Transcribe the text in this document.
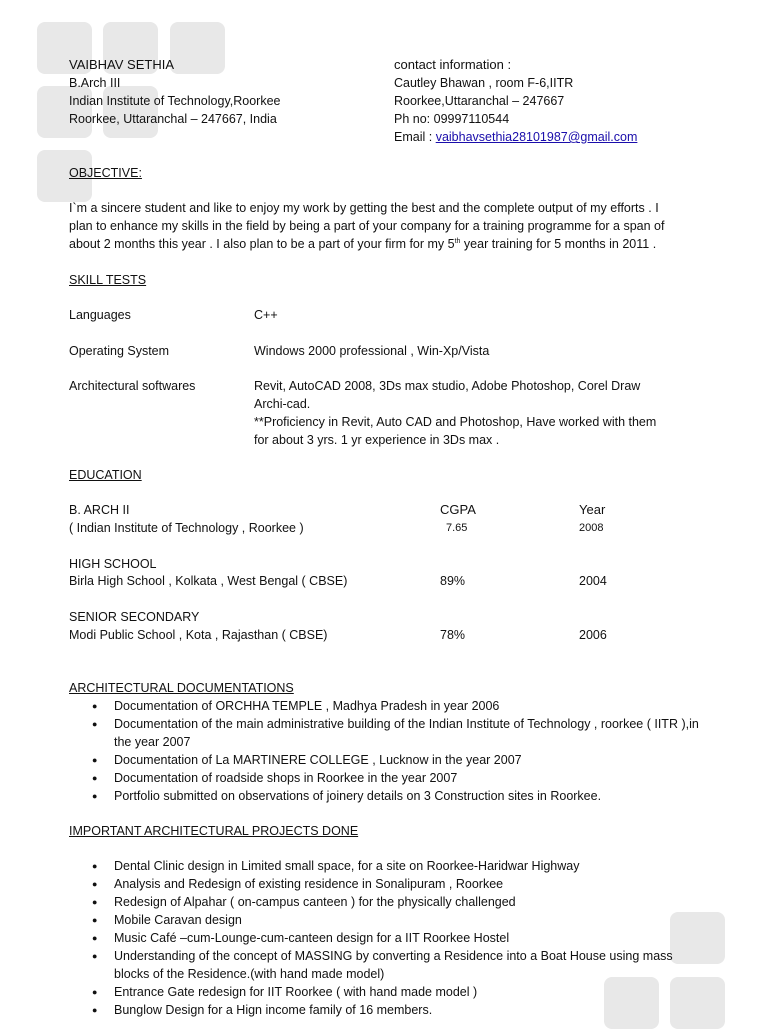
VAIBHAV SETHIA
B.Arch III
Indian Institute of Technology,Roorkee
Roorkee, Uttaranchal – 247667, India
contact information :
Cautley Bhawan , room F-6,IITR
Roorkee,Uttaranchal – 247667
Ph no: 09997110544
Email : vaibhavsethia28101987@gmail.com
OBJECTIVE:
I`m a sincere student and like to enjoy my work by getting the best and the complete output of my efforts . I
plan to enhance my skills in the field by being a part of your company for a training programme for a span of
about 2 months this year . I also plan to be a part of your firm for my 5th year training for 5 months in 2011 .
SKILL TESTS
Languages	C++
Operating System	Windows 2000 professional , Win-Xp/Vista
Architectural softwares	Revit, AutoCAD 2008, 3Ds max studio, Adobe Photoshop, Corel Draw
Archi-cad.
**Proficiency in Revit, Auto CAD and Photoshop, Have worked with them
for about 3 yrs. 1 yr experience in 3Ds max .
EDUCATION
B. ARCH II	CGPA	Year
( Indian Institute of Technology , Roorkee )	7.65	2008
HIGH SCHOOL
Birla High School , Kolkata , West Bengal ( CBSE)	89%	2004
SENIOR SECONDARY
Modi Public School , Kota , Rajasthan ( CBSE)	78%	2006
ARCHITECTURAL DOCUMENTATIONS
● Documentation of ORCHHA TEMPLE , Madhya Pradesh in year 2006
● Documentation of the main administrative building of the Indian Institute of Technology , roorkee ( IITR ),in the year 2007
● Documentation of La MARTINERE COLLEGE , Lucknow in the year 2007
● Documentation of roadside shops in Roorkee in the year 2007
● Portfolio submitted on observations of joinery details on 3 Construction sites in Roorkee.
IMPORTANT ARCHITECTURAL PROJECTS DONE
● Dental Clinic design in Limited small space, for a site on Roorkee-Haridwar Highway
● Analysis and Redesign of existing residence in Sonalipuram , Roorkee
● Redesign of Alpahar ( on-campus canteen ) for the physically challenged
● Mobile Caravan design
● Music Café –cum-Lounge-cum-canteen design for a IIT Roorkee Hostel
● Understanding of the concept of MASSING by converting a Residence into a Boat House using mass blocks of the Residence.(with hand made model)
● Entrance Gate redesign for IIT Roorkee ( with hand made model )
● Bunglow Design for a Hign income family of 16 members.
